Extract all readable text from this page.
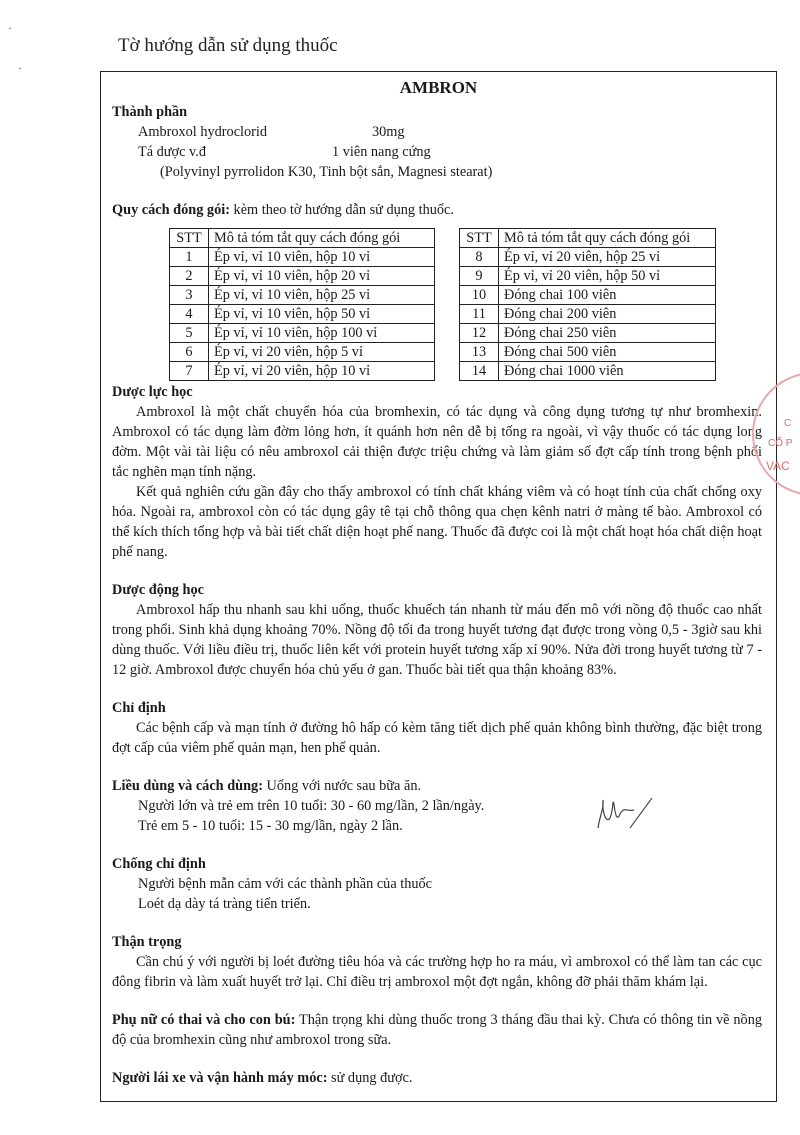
Tờ hướng dẫn sử dụng thuốc
AMBRON
Thành phần
Ambroxol hydroclorid	30mg
Tá dược v.đ	1 viên nang cứng
(Polyvinyl pyrrolidon K30, Tinh bột sắn, Magnesi stearat)
Quy cách đóng gói: kèm theo tờ hướng dẫn sử dụng thuốc.
STT	Mô tả tóm tắt quy cách đóng gói
1	Ép vỉ, vỉ 10 viên, hộp 10 vỉ
2	Ép vỉ, vỉ 10 viên, hộp 20 vỉ
3	Ép vỉ, vỉ 10 viên, hộp 25 vỉ
4	Ép vỉ, vỉ 10 viên, hộp 50 vỉ
5	Ép vỉ, vỉ 10 viên, hộp 100 vỉ
6	Ép vỉ, vỉ 20 viên, hộp 5 vỉ
7	Ép vỉ, vỉ 20 viên, hộp 10 vỉ
STT	Mô tả tóm tắt quy cách đóng gói
8	Ép vỉ, vỉ 20 viên, hộp 25 vỉ
9	Ép vỉ, vỉ 20 viên, hộp 50 vỉ
10	Đóng chai 100 viên
11	Đóng chai 200 viên
12	Đóng chai 250 viên
13	Đóng chai 500 viên
14	Đóng chai 1000 viên
Dược lực học

Ambroxol là một chất chuyển hóa của bromhexin, có tác dụng và công dụng tương tự như bromhexin. Ambroxol có tác dụng làm đờm lỏng hơn, ít quánh hơn nên dễ bị tống ra ngoài, vì vậy thuốc có tác dụng long đờm. Một vài tài liệu có nêu ambroxol cải thiện được triệu chứng và làm giảm số đợt cấp tính trong bệnh phổi tắc nghẽn mạn tính nặng.

Kết quả nghiên cứu gần đây cho thấy ambroxol có tính chất kháng viêm và có hoạt tính của chất chống oxy hóa. Ngoài ra, ambroxol còn có tác dụng gây tê tại chỗ thông qua chẹn kênh natri ở màng tế bào. Ambroxol có thể kích thích tổng hợp và bài tiết chất diện hoạt phế nang. Thuốc đã được coi là một chất hoạt hóa chất diện hoạt phế nang.

Dược động học

Ambroxol hấp thu nhanh sau khi uống, thuốc khuếch tán nhanh từ máu đến mô với nồng độ thuốc cao nhất trong phổi. Sinh khả dụng khoảng 70%. Nồng độ tối đa trong huyết tương đạt được trong vòng 0,5 - 3giờ sau khi dùng thuốc. Với liều điều trị, thuốc liên kết với protein huyết tương xấp xỉ 90%. Nửa đời trong huyết tương từ 7 - 12 giờ. Ambroxol được chuyển hóa chủ yếu ở gan. Thuốc bài tiết qua thận khoảng 83%.

Chỉ định

Các bệnh cấp và mạn tính ở đường hô hấp có kèm tăng tiết dịch phế quản không bình thường, đặc biệt trong đợt cấp của viêm phế quản mạn, hen phế quản.

Liều dùng và cách dùng: Uống với nước sau bữa ăn.
Người lớn và trẻ em trên 10 tuổi: 30 - 60 mg/lần, 2 lần/ngày.
Trẻ em 5 - 10 tuổi: 15 - 30 mg/lần, ngày 2 lần.
Chống chỉ định
Người bệnh mẫn cảm với các thành phần của thuốc
Loét dạ dày tá tràng tiến triển.
Thận trọng

Cần chú ý với người bị loét đường tiêu hóa và các trường hợp ho ra máu, vì ambroxol có thể làm tan các cục đông fibrin và làm xuất huyết trở lại. Chỉ điều trị ambroxol một đợt ngắn, không đỡ phải thăm khám lại.

Phụ nữ có thai và cho con bú: Thận trọng khi dùng thuốc trong 3 tháng đầu thai kỳ. Chưa có thông tin về nồng độ của bromhexin cũng như ambroxol trong sữa.

Người lái xe và vận hành máy móc: sử dụng được.
C
CỔ P
VAC
·
·
